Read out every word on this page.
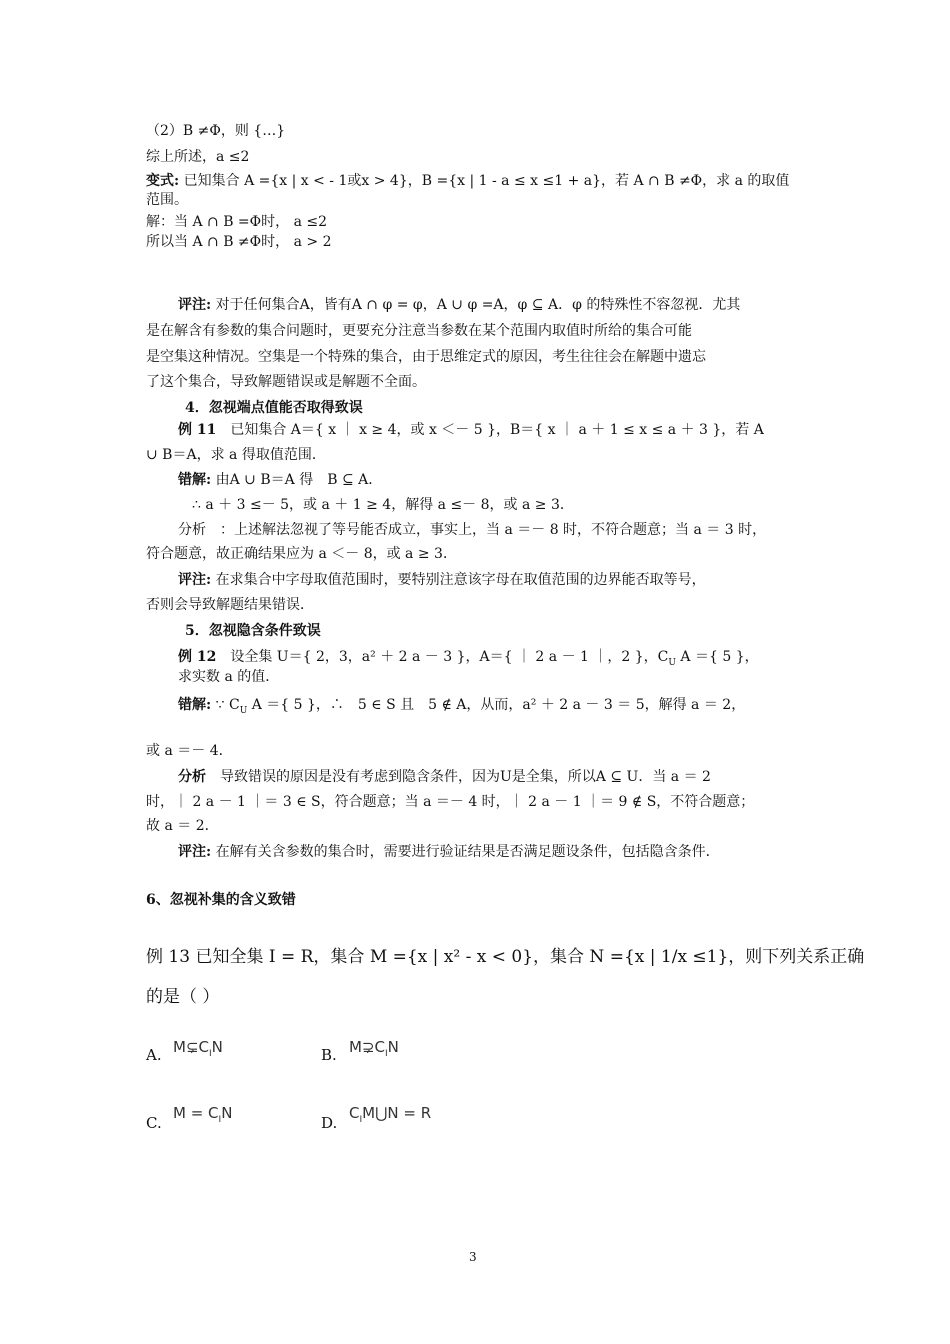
（2）B ≠Φ，则 {…}
综上所述，a ≤2
变式: 已知集合 A ={x | x < - 1或x > 4}，B ={x | 1 - a ≤ x ≤1 + a}，若 A ∩ B ≠Φ，求 a 的取值
范围。
解：当 A ∩ B =Φ时， a ≤2
所以当 A ∩ B ≠Φ时， a > 2
评注: 对于任何集合A，皆有A ∩ φ = φ，A ∪ φ =A，φ ⊆ A．φ 的特殊性不容忽视．尤其
是在解含有参数的集合问题时，更要充分注意当参数在某个范围内取值时所给的集合可能
是空集这种情况。空集是一个特殊的集合，由于思维定式的原因，考生往往会在解题中遗忘
了这个集合，导致解题错误或是解题不全面。
4．忽视端点值能否取得致误
例 11　已知集合 A＝{ x ｜ x ≥ 4，或 x ＜－ 5 }，B＝{ x ｜ a ＋ 1 ≤ x ≤ a ＋ 3 }，若 A
∪ B＝A，求 a 得取值范围．
错解: 由A ∪ B＝A 得　B ⊆ A．
∴ a ＋ 3 ≤－ 5，或 a ＋ 1 ≥ 4，解得 a ≤－ 8，或 a ≥ 3．
分析　：上述解法忽视了等号能否成立，事实上，当 a ＝－ 8 时，不符合题意；当 a ＝ 3 时，
符合题意，故正确结果应为 a ＜－ 8，或 a ≥ 3．
评注: 在求集合中字母取值范围时，要特别注意该字母在取值范围的边界能否取等号，
否则会导致解题结果错误．
5．忽视隐含条件致误
例 12　设全集 U＝{ 2，3，a² ＋ 2 a － 3 }，A＝{ ｜ 2 a － 1 ｜，2 }，$C_U$ A ＝{ 5 }，
求实数 a 的值．
错解: ∵ $C_U$ A ＝{ 5 }，∴　5 ∈ S 且　5 ∉ A，从而，a² ＋ 2 a － 3 ＝ 5，解得 a ＝ 2，
或 a ＝－ 4．
分析　导致错误的原因是没有考虑到隐含条件，因为U是全集，所以A ⊆ U．当 a ＝ 2
时，｜ 2 a － 1 ｜＝ 3 ∈ S，符合题意；当 a ＝－ 4 时，｜ 2 a － 1 ｜＝ 9 ∉ S，不符合题意；
故 a ＝ 2．
评注: 在解有关含参数的集合时，需要进行验证结果是否满足题设条件，包括隐含条件．
6、忽视补集的含义致错
例 13 已知全集 I = R，集合 M ={x | x² - x < 0}，集合 N ={x | 1/x ≤1}，则下列关系正确
的是（ ）
A. $M⊊C_IN$	B. $M⊋C_IN$
C.
$M = C_IN$
D.
$C_IM⋃N = R$
3
